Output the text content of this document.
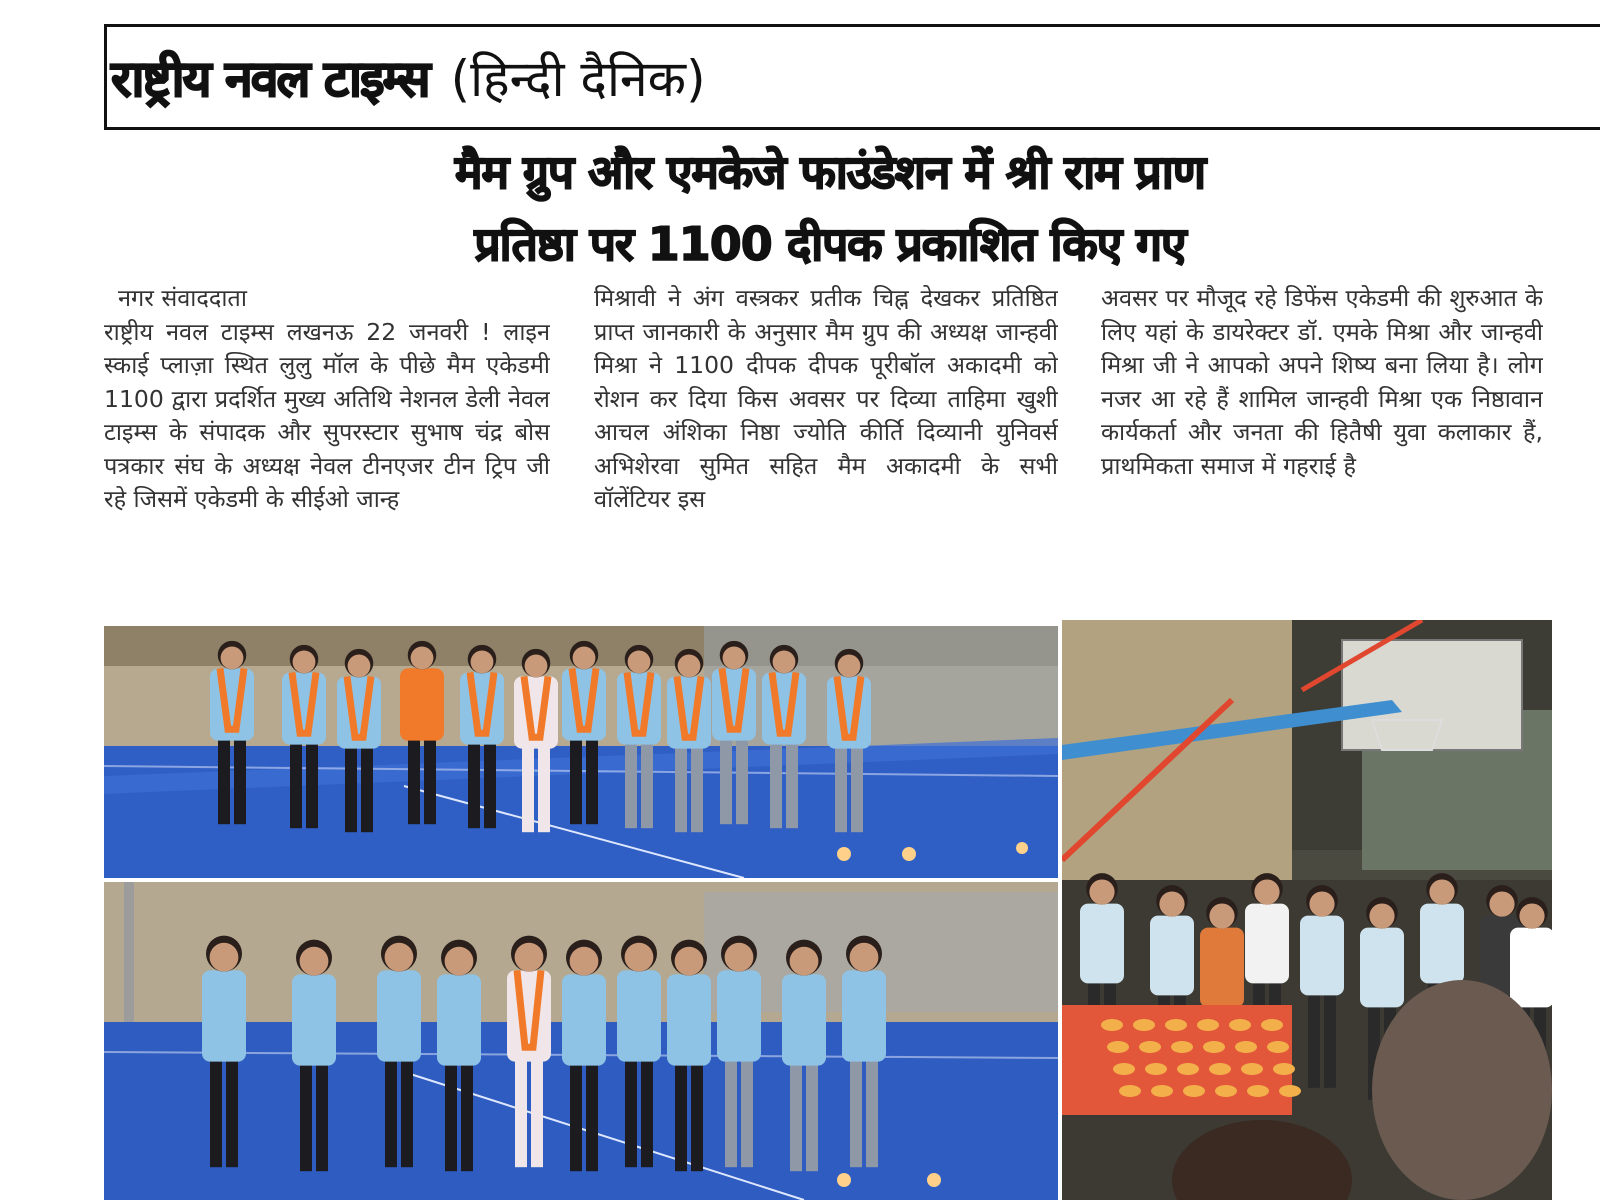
राष्ट्रीय नवल टाइम्स (हिन्दी दैनिक)
मैम ग्रुप और एमकेजे फाउंडेशन में श्री राम प्राण
प्रतिष्ठा पर 1100 दीपक प्रकाशित किए गए
नगर संवाददाता

राष्ट्रीय नवल टाइम्स लखनऊ 22 जनवरी ! लाइन स्काई प्लाज़ा स्थित लुलु मॉल के पीछे मैम एकेडमी 1100 द्वारा प्रदर्शित मुख्य अतिथि नेशनल डेली नेवल टाइम्स के संपादक और सुपरस्टार सुभाष चंद्र बोस पत्रकार संघ के अध्यक्ष नेवल टीनएजर टीन ट्रिप जी रहे जिसमें एकेडमी के सीईओ जान्ह

मिश्रावी ने अंग वस्त्रकर प्रतीक चिह्न देखकर प्रतिष्ठित प्राप्त जानकारी के अनुसार मैम ग्रुप की अध्यक्ष जान्हवी मिश्रा ने 1100 दीपक दीपक पूरीबॉल अकादमी को रोशन कर दिया किस अवसर पर दिव्या ताहिमा खुशी आचल अंशिका निष्ठा ज्योति कीर्ति दिव्यानी युनिवर्स अभिशेरवा सुमित सहित मैम अकादमी के सभी वॉलेंटियर इस

अवसर पर मौजूद रहे डिफेंस एकेडमी की शुरुआत के लिए यहां के डायरेक्टर डॉ. एमके मिश्रा और जान्हवी मिश्रा जी ने आपको अपने शिष्य बना लिया है। लोग नजर आ रहे हैं शामिल जान्हवी मिश्रा एक निष्ठावान कार्यकर्ता और जनता की हितैषी युवा कलाकार हैं, प्राथमिकता समाज में गहराई है
